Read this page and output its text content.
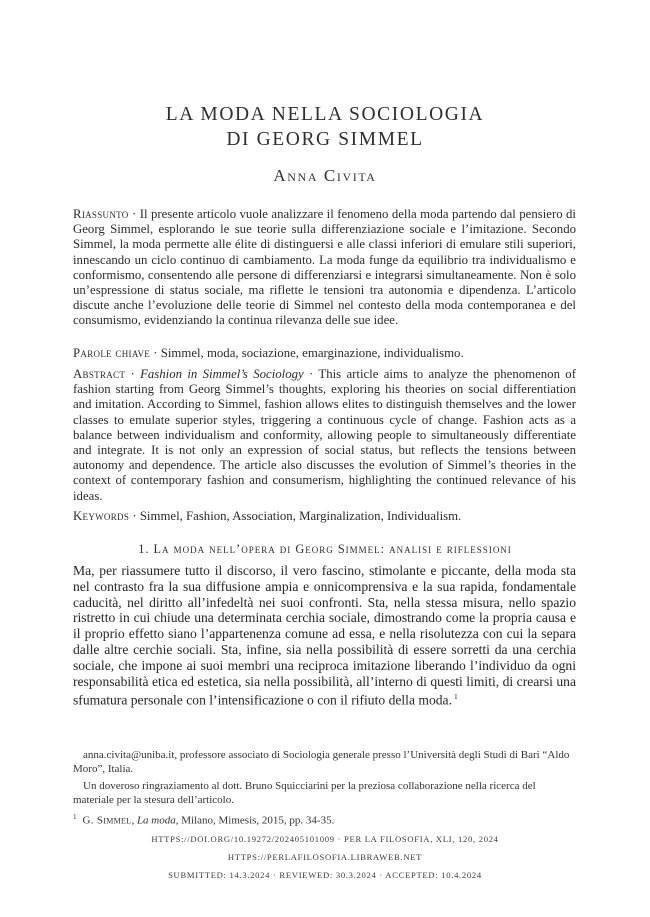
LA MODA NELLA SOCIOLOGIA
DI GEORG SIMMEL
Anna Civita
Riassunto · Il presente articolo vuole analizzare il fenomeno della moda partendo dal pensiero di Georg Simmel, esplorando le sue teorie sulla differenziazione sociale e l’imitazione. Secondo Simmel, la moda permette alle élite di distinguersi e alle classi inferiori di emulare stili superiori, innescando un ciclo continuo di cambiamento. La moda funge da equilibrio tra individualismo e conformismo, consentendo alle persone di differenziarsi e integrarsi simultaneamente. Non è solo un’espressione di status sociale, ma riflette le tensioni tra autonomia e dipendenza. L’articolo discute anche l’evoluzione delle teorie di Simmel nel contesto della moda contemporanea e del consumismo, evidenziando la continua rilevanza delle sue idee.
Parole chiave · Simmel, moda, sociazione, emarginazione, individualismo.
Abstract · Fashion in Simmel’s Sociology · This article aims to analyze the phenomenon of fashion starting from Georg Simmel’s thoughts, exploring his theories on social differentiation and imitation. According to Simmel, fashion allows elites to distinguish themselves and the lower classes to emulate superior styles, triggering a continuous cycle of change. Fashion acts as a balance between individualism and conformity, allowing people to simultaneously differentiate and integrate. It is not only an expression of social status, but reflects the tensions between autonomy and dependence. The article also discusses the evolution of Simmel’s theories in the context of contemporary fashion and consumerism, highlighting the continued relevance of his ideas.
Keywords · Simmel, Fashion, Association, Marginalization, Individualism.
1. La moda nell’opera di Georg Simmel: analisi e riflessioni
Ma, per riassumere tutto il discorso, il vero fascino, stimolante e piccante, della moda sta nel contrasto fra la sua diffusione ampia e onnicomprensiva e la sua rapida, fondamentale caducità, nel diritto all’infedeltà nei suoi confronti. Sta, nella stessa misura, nello spazio ristretto in cui chiude una determinata cerchia sociale, dimostrando come la propria causa e il proprio effetto siano l’appartenenza comune ad essa, e nella risolutezza con cui la separa dalle altre cerchie sociali. Sta, infine, sia nella possibilità di essere sorretti da una cerchia sociale, che impone ai suoi membri una reciproca imitazione liberando l’individuo da ogni responsabilità etica ed estetica, sia nella possibilità, all’interno di questi limiti, di crearsi una sfumatura personale con l’intensificazione o con il rifiuto della moda. $^1$

anna.civita@uniba.it, professore associato di Sociologia generale presso l’Università degli Studi di Bari “Aldo Moro”, Italia.

Un doveroso ringraziamento al dott. Bruno Squicciarini per la preziosa collaborazione nella ricerca del materiale per la stesura dell’articolo.

$^1$ G. Simmel, La moda, Milano, Mimesis, 2015, pp. 34-35.

HTTPS://DOI.ORG/10.19272/202405101009 · PER LA FILOSOFIA, XLI, 120, 2024
HTTPS://PERLAFILOSOFIA.LIBRAWEB.NET
SUBMITTED: 14.3.2024 · REVIEWED: 30.3.2024 · ACCEPTED: 10.4.2024
